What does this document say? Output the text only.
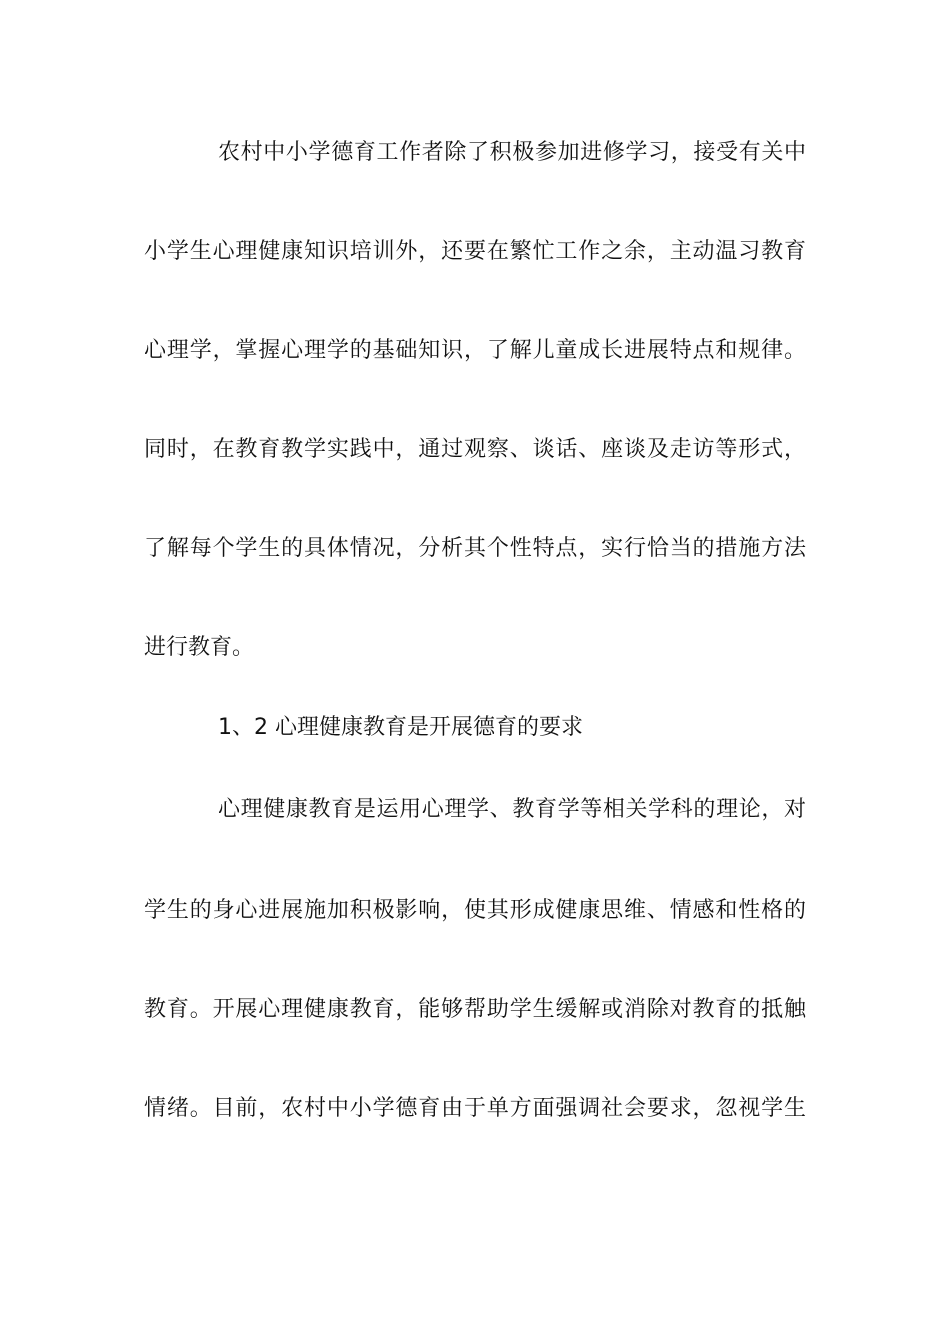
农村中小学德育工作者除了积极参加进修学习，接受有关中
小学生心理健康知识培训外，还要在繁忙工作之余，主动温习教育
心理学，掌握心理学的基础知识，了解儿童成长进展特点和规律。
同时，在教育教学实践中，通过观察、谈话、座谈及走访等形式，
了解每个学生的具体情况，分析其个性特点，实行恰当的措施方法
进行教育。
1、2 心理健康教育是开展德育的要求
心理健康教育是运用心理学、教育学等相关学科的理论，对
学生的身心进展施加积极影响，使其形成健康思维、情感和性格的
教育。开展心理健康教育，能够帮助学生缓解或消除对教育的抵触
情绪。目前，农村中小学德育由于单方面强调社会要求，忽视学生
